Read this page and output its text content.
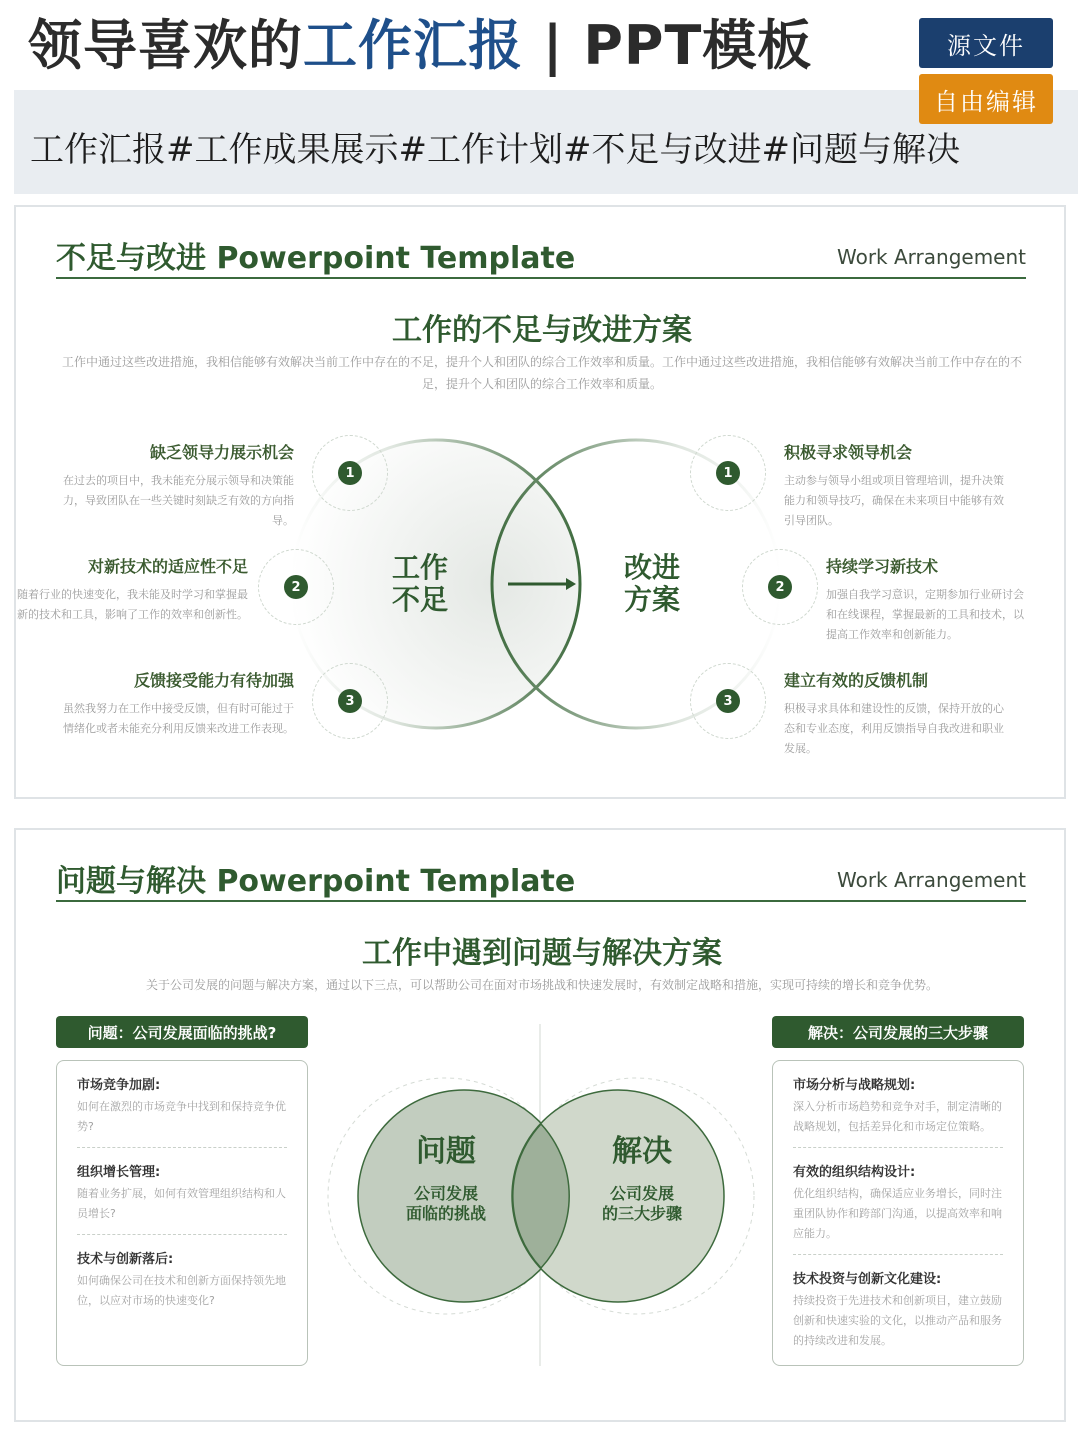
领导喜欢的工作汇报 | PPT模板	源文件
自由编辑
工作汇报#工作成果展示#工作计划#不足与改进#问题与解决
不足与改进 Powerpoint Template	Work Arrangement
工作的不足与改进方案
工作中通过这些改进措施，我相信能够有效解决当前工作中存在的不足，提升个人和团队的综合工作效率和质量。工作中通过这些改进措施，我相信能够有效解决当前工作中存在的不足，提升个人和团队的综合工作效率和质量。
工作
不足
改进
方案
1
2
3
1
2
3
缺乏领导力展示机会
在过去的项目中，我未能充分展示领导和决策能力，导致团队在一些关键时刻缺乏有效的方向指导。
对新技术的适应性不足
随着行业的快速变化，我未能及时学习和掌握最新的技术和工具，影响了工作的效率和创新性。
反馈接受能力有待加强
虽然我努力在工作中接受反馈，但有时可能过于情绪化或者未能充分利用反馈来改进工作表现。
积极寻求领导机会
主动参与领导小组或项目管理培训，提升决策能力和领导技巧，确保在未来项目中能够有效引导团队。
持续学习新技术
加强自我学习意识，定期参加行业研讨会和在线课程，掌握最新的工具和技术，以提高工作效率和创新能力。
建立有效的反馈机制
积极寻求具体和建设性的反馈，保持开放的心态和专业态度，利用反馈指导自我改进和职业发展。
问题与解决 Powerpoint Template	Work Arrangement
工作中遇到问题与解决方案
关于公司发展的问题与解决方案，通过以下三点，可以帮助公司在面对市场挑战和快速发展时，有效制定战略和措施，实现可持续的增长和竞争优势。
问题：公司发展面临的挑战?	解决：公司发展的三大步骤
市场竞争加剧:
如何在激烈的市场竞争中找到和保持竞争优势?
组织增长管理:
随着业务扩展，如何有效管理组织结构和人员增长?
技术与创新落后:
如何确保公司在技术和创新方面保持领先地位，以应对市场的快速变化?
市场分析与战略规划:
深入分析市场趋势和竞争对手，制定清晰的战略规划，包括差异化和市场定位策略。
有效的组织结构设计:
优化组织结构，确保适应业务增长，同时注重团队协作和跨部门沟通，以提高效率和响应能力。
技术投资与创新文化建设:
持续投资于先进技术和创新项目，建立鼓励创新和快速实验的文化，以推动产品和服务的持续改进和发展。
问题
公司发展
面临的挑战
解决
公司发展
的三大步骤
